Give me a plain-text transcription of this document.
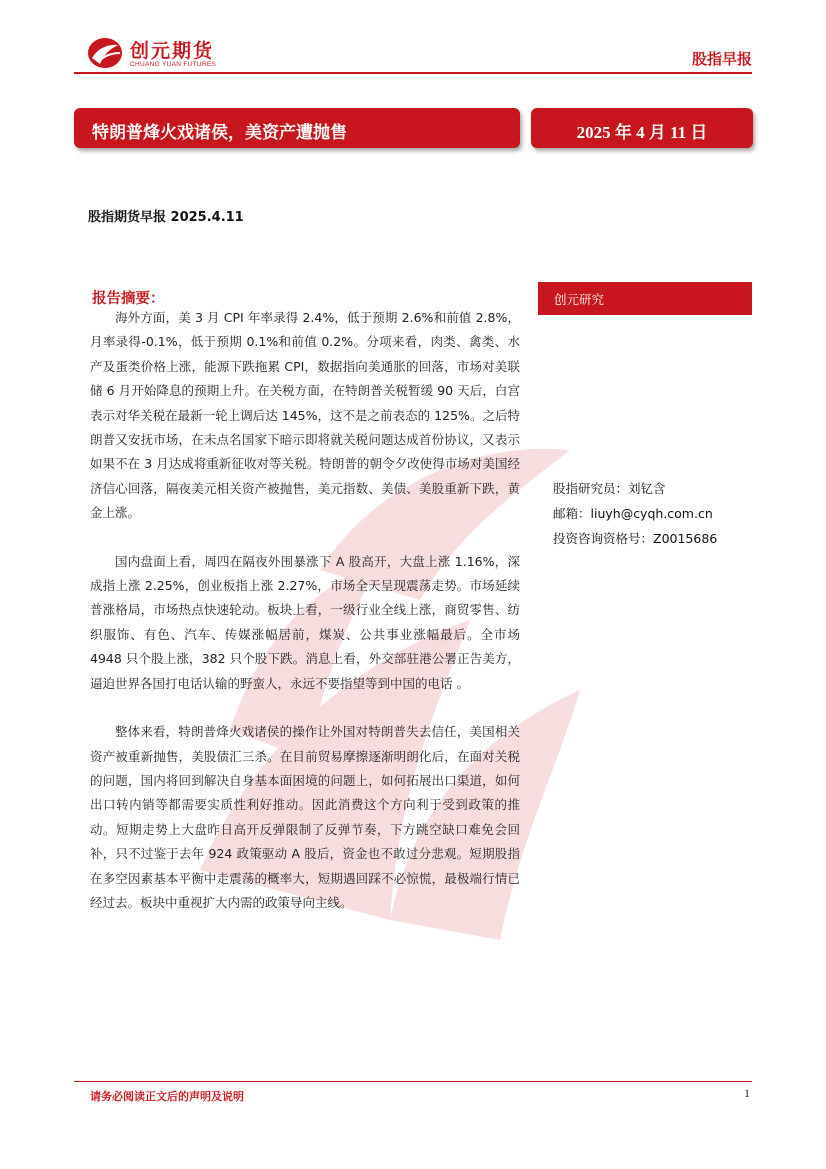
创元期货
CHUANG YUAN FUTURES	股指早报
特朗普烽火戏诸侯，美资产遭抛售	2025 年 4 月 11 日
股指期货早报 2025.4.11
报告摘要：

海外方面，美 3 月 CPI 年率录得 2.4%，低于预期 2.6%和前值 2.8%，月率录得-0.1%，低于预期 0.1%和前值 0.2%。分项来看，肉类、禽类、水产及蛋类价格上涨，能源下跌拖累 CPI，数据指向美通胀的回落，市场对美联储 6 月开始降息的预期上升。在关税方面，在特朗普关税暂缓 90 天后，白宫表示对华关税在最新一轮上调后达 145%，这不是之前表态的 125%。之后特朗普又安抚市场，在未点名国家下暗示即将就关税问题达成首份协议，又表示如果不在 3 月达成将重新征收对等关税。特朗普的朝令夕改使得市场对美国经济信心回落，隔夜美元相关资产被抛售，美元指数、美债、美股重新下跌，黄金上涨。

国内盘面上看，周四在隔夜外围暴涨下 A 股高开，大盘上涨 1.16%，深成指上涨 2.25%，创业板指上涨 2.27%，市场全天呈现震荡走势。市场延续普涨格局，市场热点快速轮动。板块上看，一级行业全线上涨，商贸零售、纺织服饰、有色、汽车、传媒涨幅居前，煤炭、公共事业涨幅最后。全市场 4948 只个股上涨，382 只个股下跌。消息上看，外交部驻港公署正告美方，逼迫世界各国打电话认输的野蛮人，永远不要指望等到中国的电话 。

整体来看，特朗普烽火戏诸侯的操作让外国对特朗普失去信任，美国相关资产被重新抛售，美股债汇三杀。在目前贸易摩擦逐渐明朗化后，在面对关税的问题，国内将回到解决自身基本面困境的问题上，如何拓展出口渠道，如何出口转内销等都需要实质性利好推动。因此消费这个方向利于受到政策的推动。短期走势上大盘昨日高开反弹限制了反弹节奏，下方跳空缺口难免会回补，只不过鉴于去年 924 政策驱动 A 股后，资金也不敢过分悲观。短期股指在多空因素基本平衡中走震荡的概率大，短期遇回踩不必惊慌，最极端行情已经过去。板块中重视扩大内需的政策导向主线。

创元研究
股指研究员：刘钇含
邮箱：liuyh@cyqh.com.cn
投资咨询资格号：Z0015686
请务必阅读正文后的声明及说明	1
